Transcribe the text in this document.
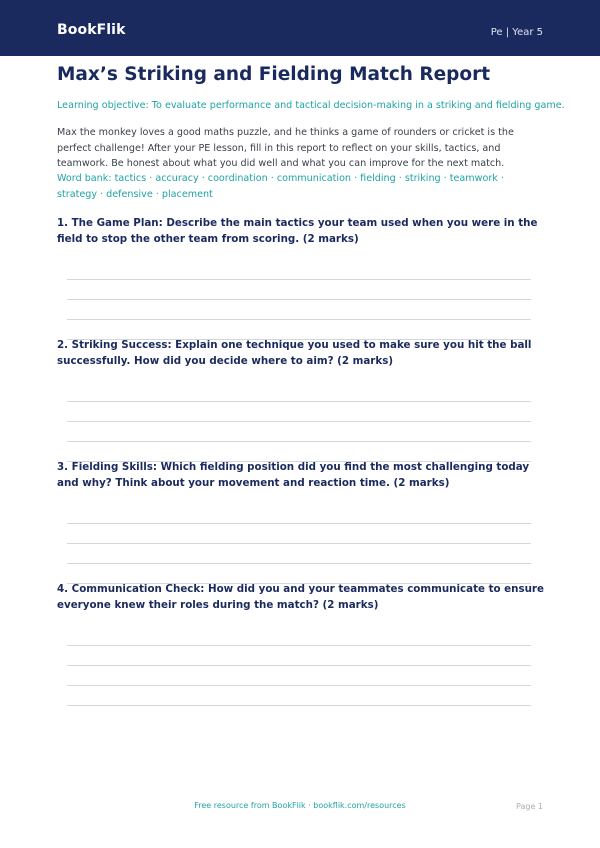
BookFlik	Pe | Year 5
Max’s Striking and Fielding Match Report
Learning objective: To evaluate performance and tactical decision-making in a striking and fielding game.
Max the monkey loves a good maths puzzle, and he thinks a game of rounders or cricket is the perfect challenge! After your PE lesson, fill in this report to reflect on your skills, tactics, and teamwork. Be honest about what you did well and what you can improve for the next match.
Word bank: tactics · accuracy · coordination · communication · fielding · striking · teamwork · strategy · defensive · placement
1. The Game Plan: Describe the main tactics your team used when you were in the field to stop the other team from scoring. (2 marks)
2. Striking Success: Explain one technique you used to make sure you hit the ball successfully. How did you decide where to aim? (2 marks)
3. Fielding Skills: Which fielding position did you find the most challenging today and why? Think about your movement and reaction time. (2 marks)
4. Communication Check: How did you and your teammates communicate to ensure everyone knew their roles during the match? (2 marks)
Free resource from BookFlik · bookflik.com/resources	Page 1
